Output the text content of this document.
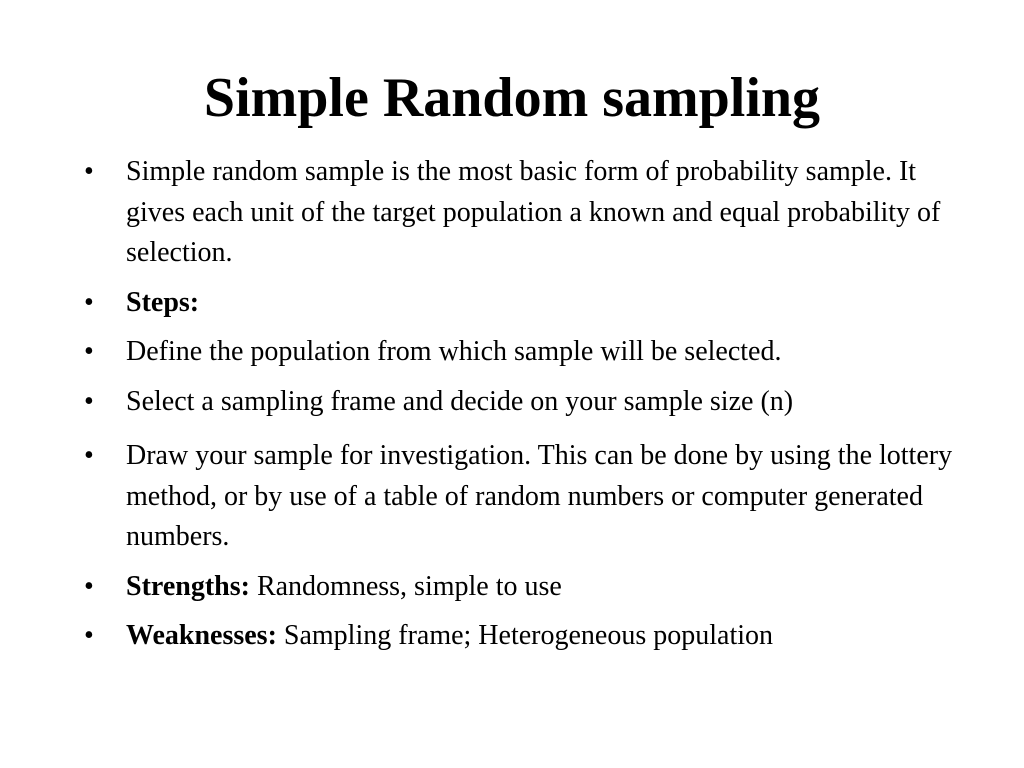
Simple Random sampling
•	Simple random sample is the most basic form of probability sample. It gives each unit of the target population a known and equal probability of selection.
•	Steps:
•	Define the population from which sample will be selected.
•	Select a sampling frame and decide on your sample size (n)
•	Draw your sample for investigation. This can be done by using the lottery method, or by use of a table of random numbers or computer generated numbers.
•	Strengths: Randomness, simple to use
•	Weaknesses: Sampling frame; Heterogeneous population
